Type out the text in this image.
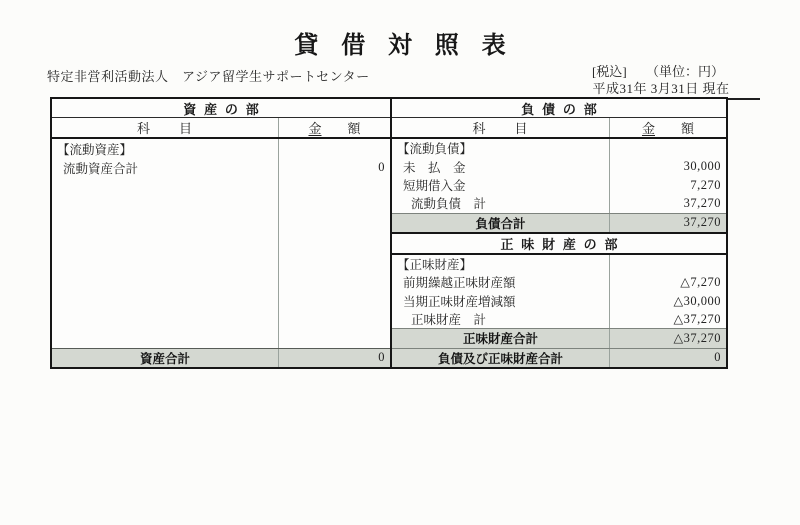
貸借対照表
特定非営利活動法人　アジア留学生サポートセンター	[税込] （単位：円）
平成31年 3月31日 現在
資産の部
科　　目	金 額
【流動資産】
流動資産合計	0
資産合計	0
負債の部
科　　目	金 額
【流動負債】
未　払　金	30,000
短期借入金	7,270
流動負債　計	37,270
負債合計	37,270
正味財産の部
【正味財産】
前期繰越正味財産額	△7,270
当期正味財産増減額	△30,000
正味財産　計	△37,270
正味財産合計	△37,270
負債及び正味財産合計	0
